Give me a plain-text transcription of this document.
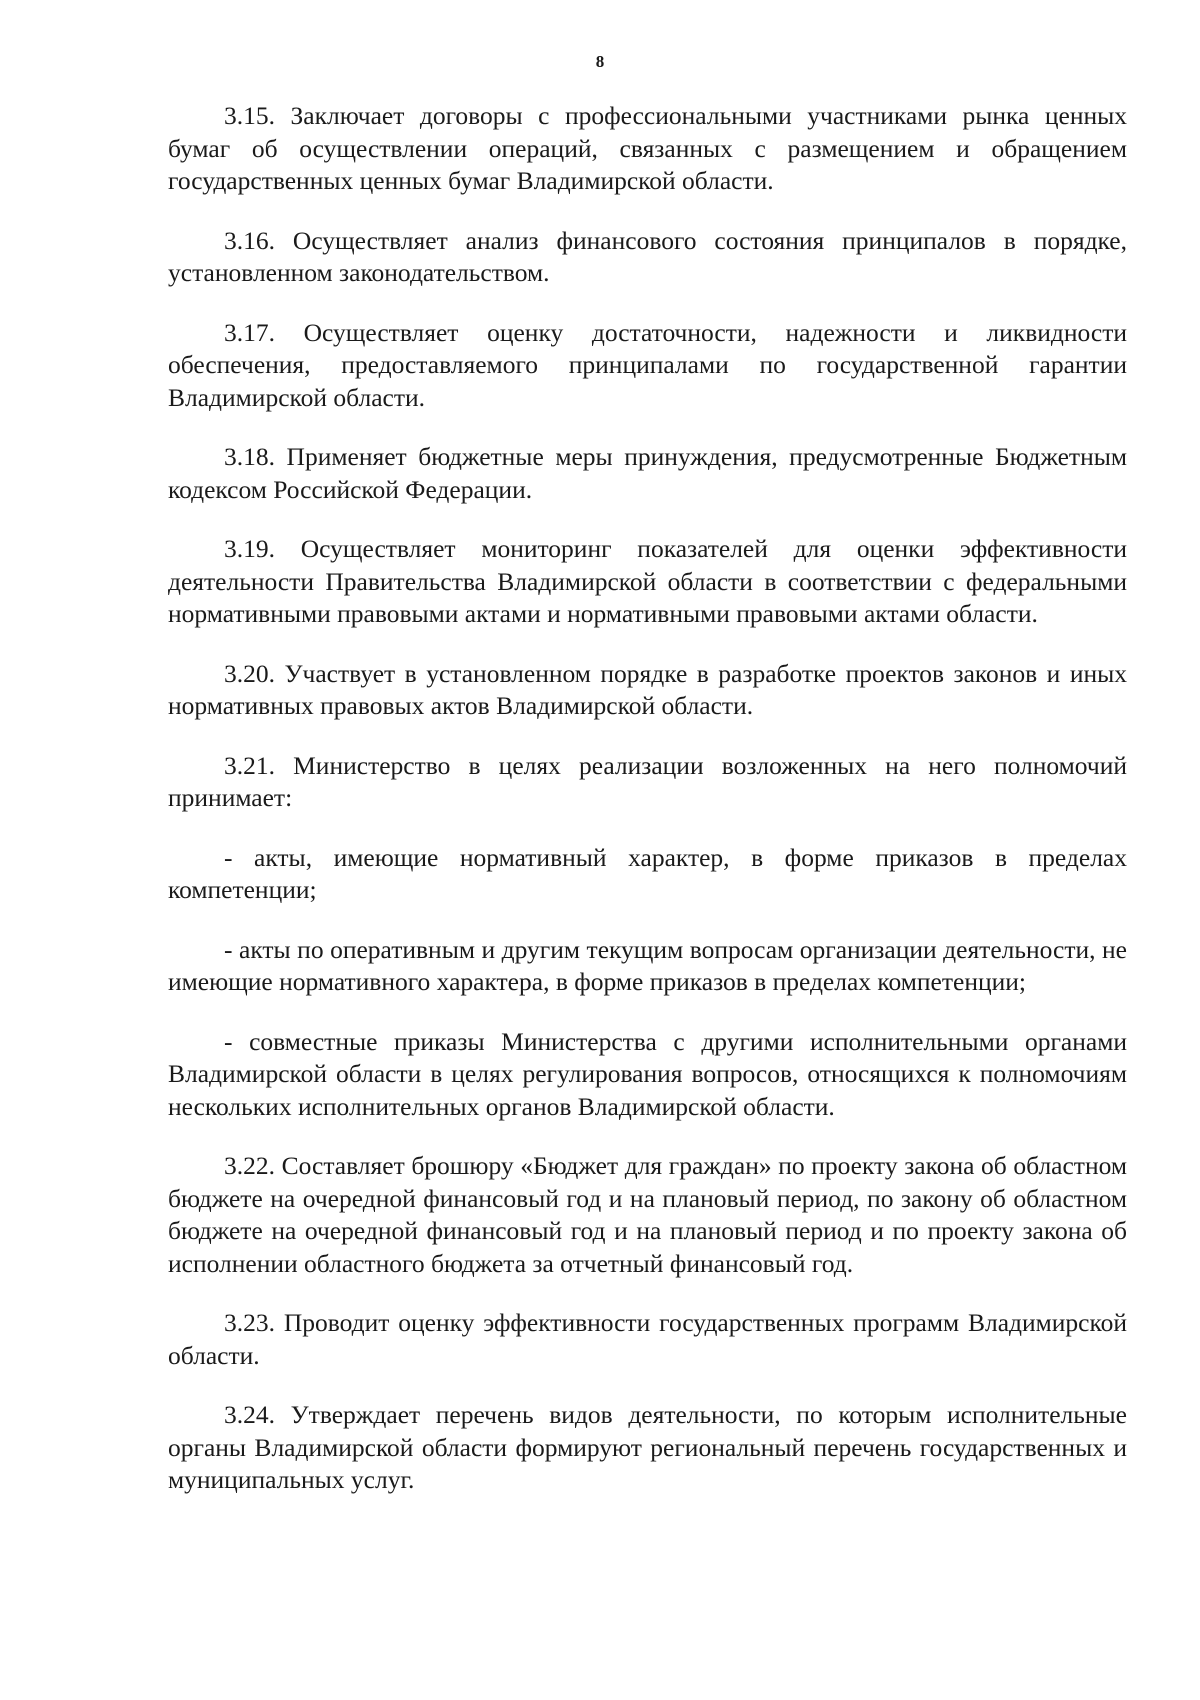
8

3.15. Заключает договоры с профессиональными участниками рынка ценных бумаг об осуществлении операций, связанных с размещением и обращением государственных ценных бумаг Владимирской области.

3.16. Осуществляет анализ финансового состояния принципалов в порядке, установленном законодательством.

3.17. Осуществляет оценку достаточности, надежности и ликвидности обеспечения, предоставляемого принципалами по государственной гарантии Владимирской области.

3.18. Применяет бюджетные меры принуждения, предусмотренные Бюджетным кодексом Российской Федерации.

3.19. Осуществляет мониторинг показателей для оценки эффективности деятельности Правительства Владимирской области в соответствии с федеральными нормативными правовыми актами и нормативными правовыми актами области.

3.20. Участвует в установленном порядке в разработке проектов законов и иных нормативных правовых актов Владимирской области.

3.21. Министерство в целях реализации возложенных на него полномочий принимает:

- акты, имеющие нормативный характер, в форме приказов в пределах компетенции;

- акты по оперативным и другим текущим вопросам организации деятельности, не имеющие нормативного характера, в форме приказов в пределах компетенции;

- совместные приказы Министерства с другими исполнительными органами Владимирской области в целях регулирования вопросов, относящихся к полномочиям нескольких исполнительных органов Владимирской области.

3.22. Составляет брошюру «Бюджет для граждан» по проекту закона об областном бюджете на очередной финансовый год и на плановый период, по закону об областном бюджете на очередной финансовый год и на плановый период и по проекту закона об исполнении областного бюджета за отчетный финансовый год.

3.23. Проводит оценку эффективности государственных программ Владимирской области.

3.24. Утверждает перечень видов деятельности, по которым исполнительные органы Владимирской области формируют региональный перечень государственных и муниципальных услуг.
